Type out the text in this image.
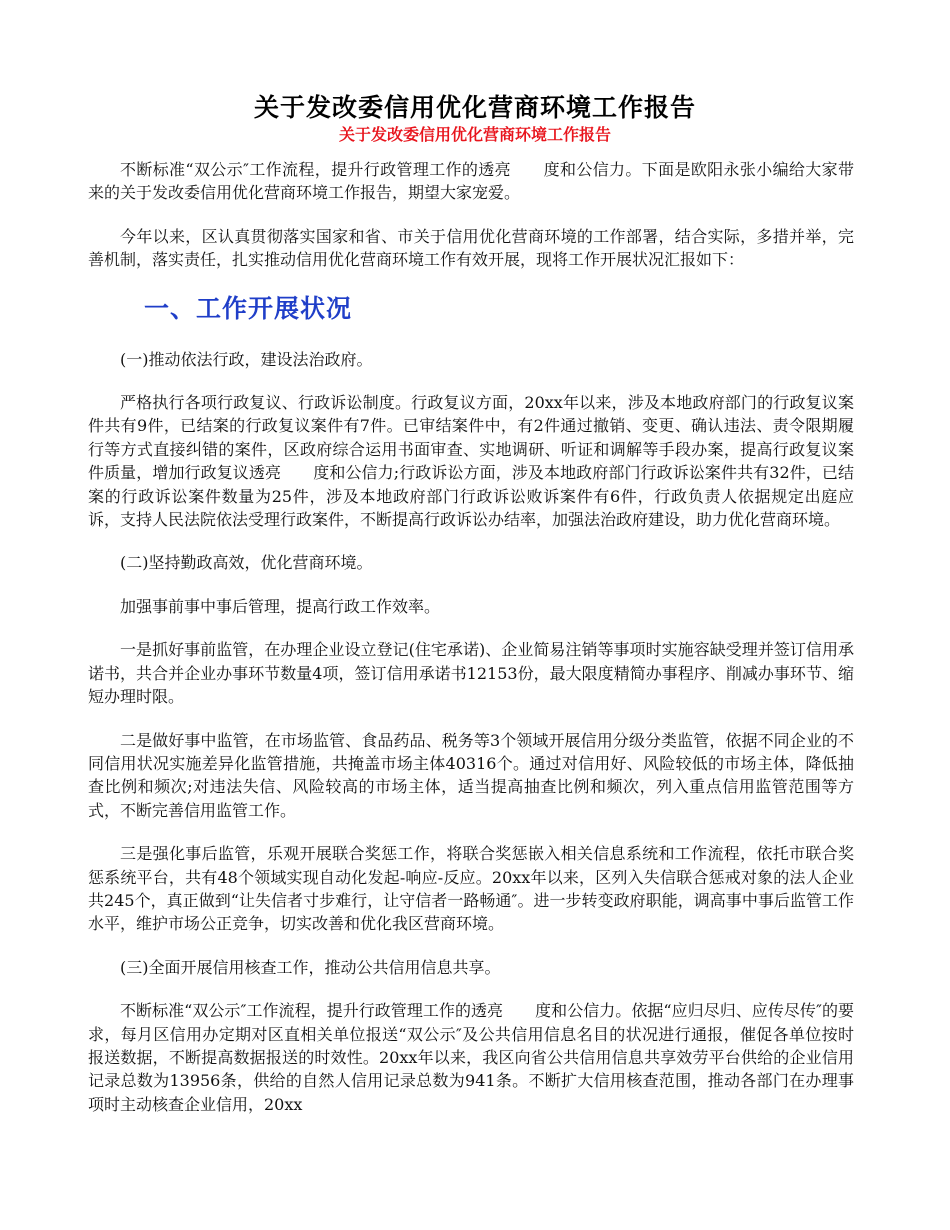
关于发改委信用优化营商环境工作报告
关于发改委信用优化营商环境工作报告

不断标准“双公示″工作流程，提升行政管理工作的透亮　　度和公信力。下面是欧阳永张小编给大家带来的关于发改委信用优化营商环境工作报告，期望大家宠爱。

今年以来，区认真贯彻落实国家和省、市关于信用优化营商环境的工作部署，结合实际，多措并举，完善机制，落实责任，扎实推动信用优化营商环境工作有效开展，现将工作开展状况汇报如下：

一、工作开展状况

(一)推动依法行政，建设法治政府。

严格执行各项行政复议、行政诉讼制度。行政复议方面，20xx年以来，涉及本地政府部门的行政复议案件共有9件，已结案的行政复议案件有7件。已审结案件中，有2件通过撤销、变更、确认违法、责令限期履行等方式直接纠错的案件，区政府综合运用书面审查、实地调研、听证和调解等手段办案，提高行政复议案件质量，增加行政复议透亮　　度和公信力;行政诉讼方面，涉及本地政府部门行政诉讼案件共有32件，已结案的行政诉讼案件数量为25件，涉及本地政府部门行政诉讼败诉案件有6件，行政负责人依据规定出庭应诉，支持人民法院依法受理行政案件，不断提高行政诉讼办结率，加强法治政府建设，助力优化营商环境。

(二)坚持勤政高效，优化营商环境。

加强事前事中事后管理，提高行政工作效率。

一是抓好事前监管，在办理企业设立登记(住宅承诺)、企业简易注销等事项时实施容缺受理并签订信用承诺书，共合并企业办事环节数量4项，签订信用承诺书12153份，最大限度精简办事程序、削减办事环节、缩短办理时限。

二是做好事中监管，在市场监管、食品药品、税务等3个领域开展信用分级分类监管，依据不同企业的不同信用状况实施差异化监管措施，共掩盖市场主体40316个。通过对信用好、风险较低的市场主体，降低抽查比例和频次;对违法失信、风险较高的市场主体，适当提高抽查比例和频次，列入重点信用监管范围等方式，不断完善信用监管工作。

三是强化事后监管，乐观开展联合奖惩工作，将联合奖惩嵌入相关信息系统和工作流程，依托市联合奖惩系统平台，共有48个领域实现自动化发起-响应-反应。20xx年以来，区列入失信联合惩戒对象的法人企业共245个，真正做到“让失信者寸步难行，让守信者一路畅通″。进一步转变政府职能，调高事中事后监管工作水平，维护市场公正竞争，切实改善和优化我区营商环境。

(三)全面开展信用核查工作，推动公共信用信息共享。

不断标准“双公示″工作流程，提升行政管理工作的透亮　　度和公信力。依据“应归尽归、应传尽传″的要求，每月区信用办定期对区直相关单位报送“双公示″及公共信用信息名目的状况进行通报，催促各单位按时报送数据，不断提高数据报送的时效性。20xx年以来，我区向省公共信用信息共享效劳平台供给的企业信用记录总数为13956条，供给的自然人信用记录总数为941条。不断扩大信用核查范围，推动各部门在办理事项时主动核查企业信用，20xx
